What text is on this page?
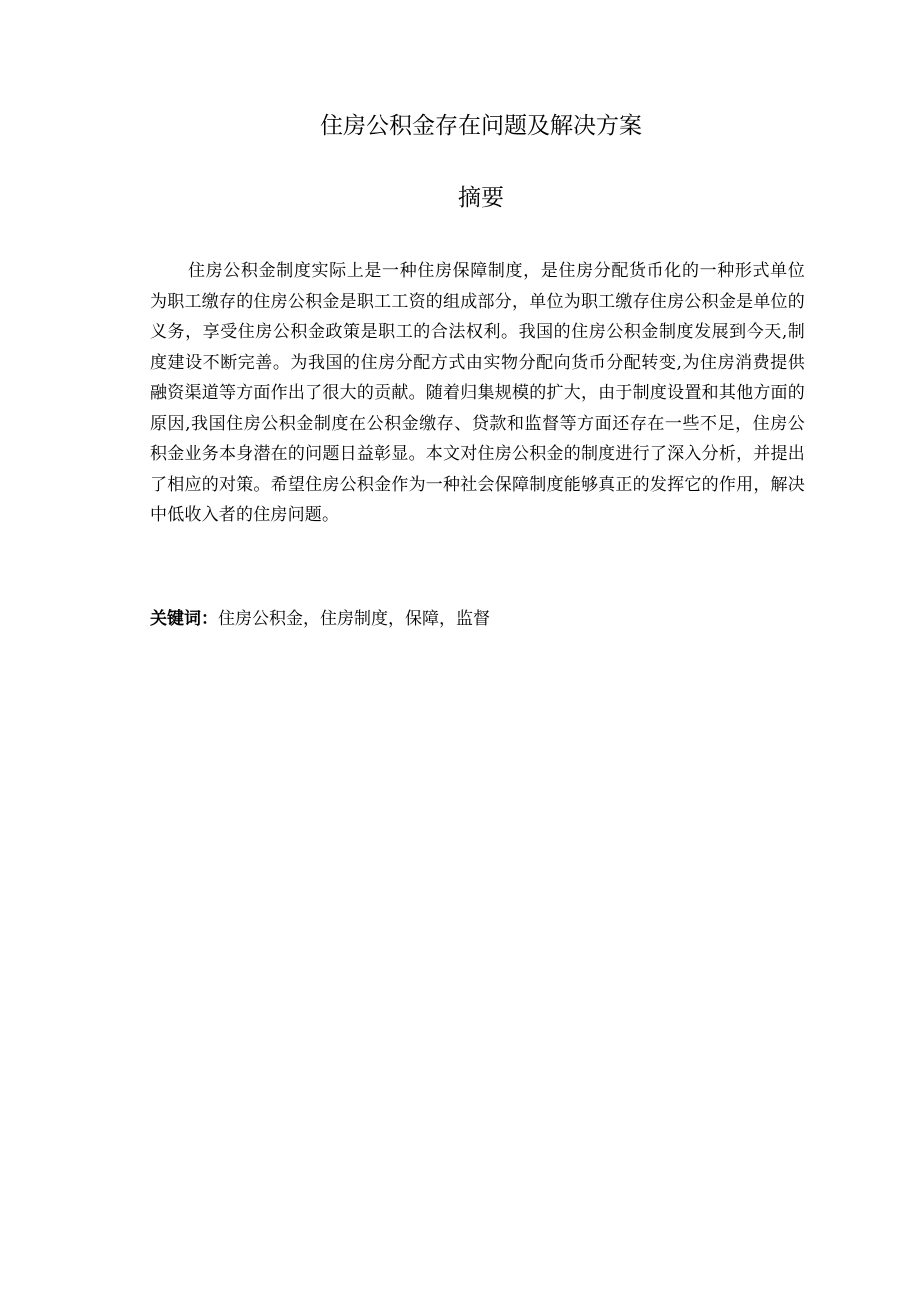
住房公积金存在问题及解决方案
摘要

住房公积金制度实际上是一种住房保障制度，是住房分配货币化的一种形式单位为职工缴存的住房公积金是职工工资的组成部分，单位为职工缴存住房公积金是单位的义务，享受住房公积金政策是职工的合法权利。我国的住房公积金制度发展到今天,制度建设不断完善。为我国的住房分配方式由实物分配向货币分配转变,为住房消费提供融资渠道等方面作出了很大的贡献。随着归集规模的扩大，由于制度设置和其他方面的原因,我国住房公积金制度在公积金缴存、贷款和监督等方面还存在一些不足，住房公积金业务本身潜在的问题日益彰显。本文对住房公积金的制度进行了深入分析，并提出了相应的对策。希望住房公积金作为一种社会保障制度能够真正的发挥它的作用，解决中低收入者的住房问题。

关键词：住房公积金，住房制度，保障，监督
